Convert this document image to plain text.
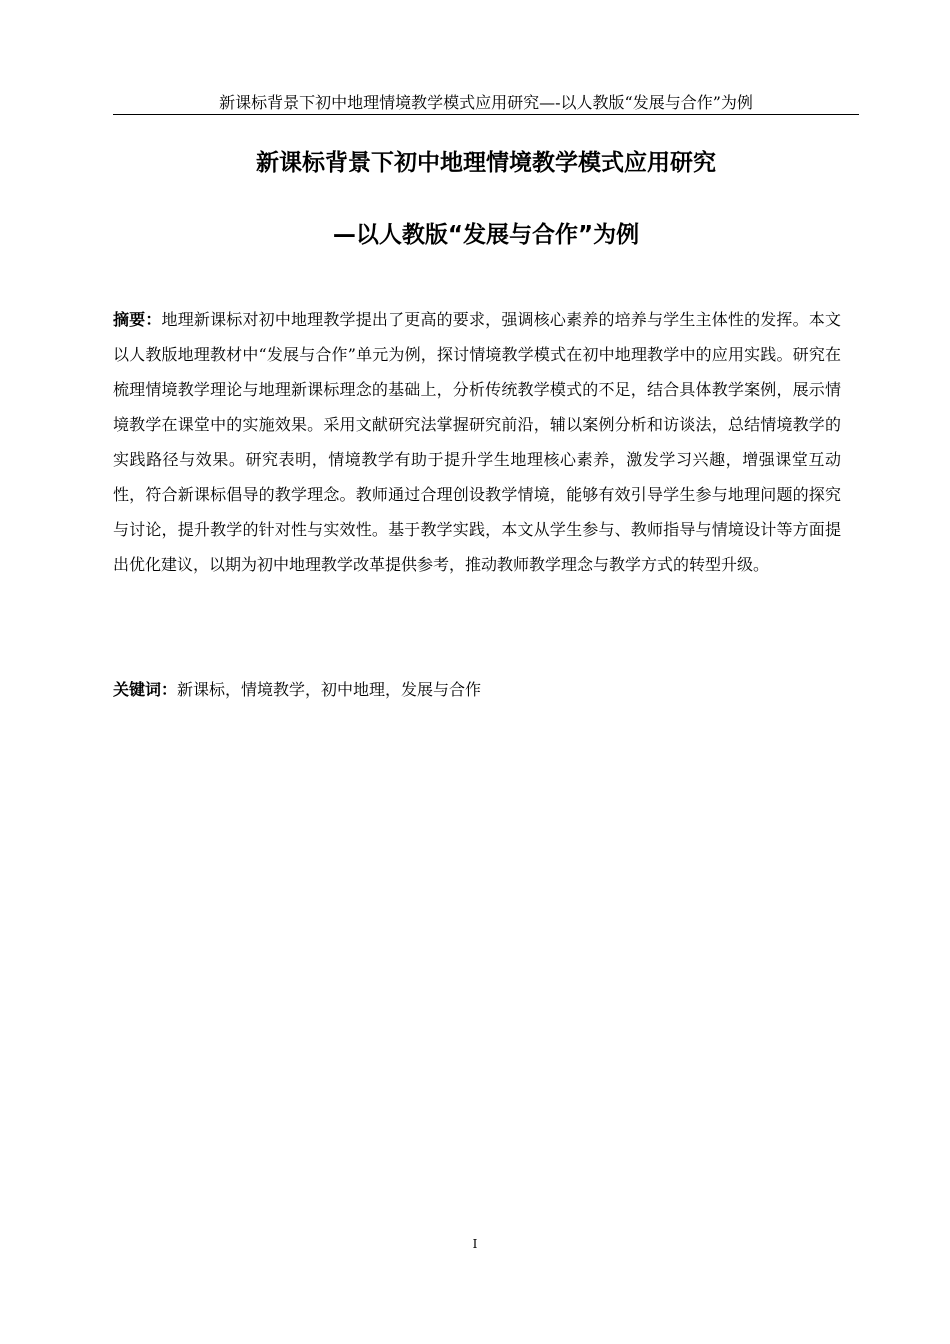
新课标背景下初中地理情境教学模式应用研究—-以人教版“发展与合作”为例
新课标背景下初中地理情境教学模式应用研究
—以人教版“发展与合作”为例

摘要：地理新课标对初中地理教学提出了更高的要求，强调核心素养的培养与学生主体性的发挥。本文以人教版地理教材中“发展与合作”单元为例，探讨情境教学模式在初中地理教学中的应用实践。研究在梳理情境教学理论与地理新课标理念的基础上，分析传统教学模式的不足，结合具体教学案例，展示情境教学在课堂中的实施效果。采用文献研究法掌握研究前沿，辅以案例分析和访谈法，总结情境教学的实践路径与效果。研究表明，情境教学有助于提升学生地理核心素养，激发学习兴趣，增强课堂互动性，符合新课标倡导的教学理念。教师通过合理创设教学情境，能够有效引导学生参与地理问题的探究与讨论，提升教学的针对性与实效性。基于教学实践，本文从学生参与、教师指导与情境设计等方面提出优化建议，以期为初中地理教学改革提供参考，推动教师教学理念与教学方式的转型升级。

关键词：新课标，情境教学，初中地理，发展与合作

I
